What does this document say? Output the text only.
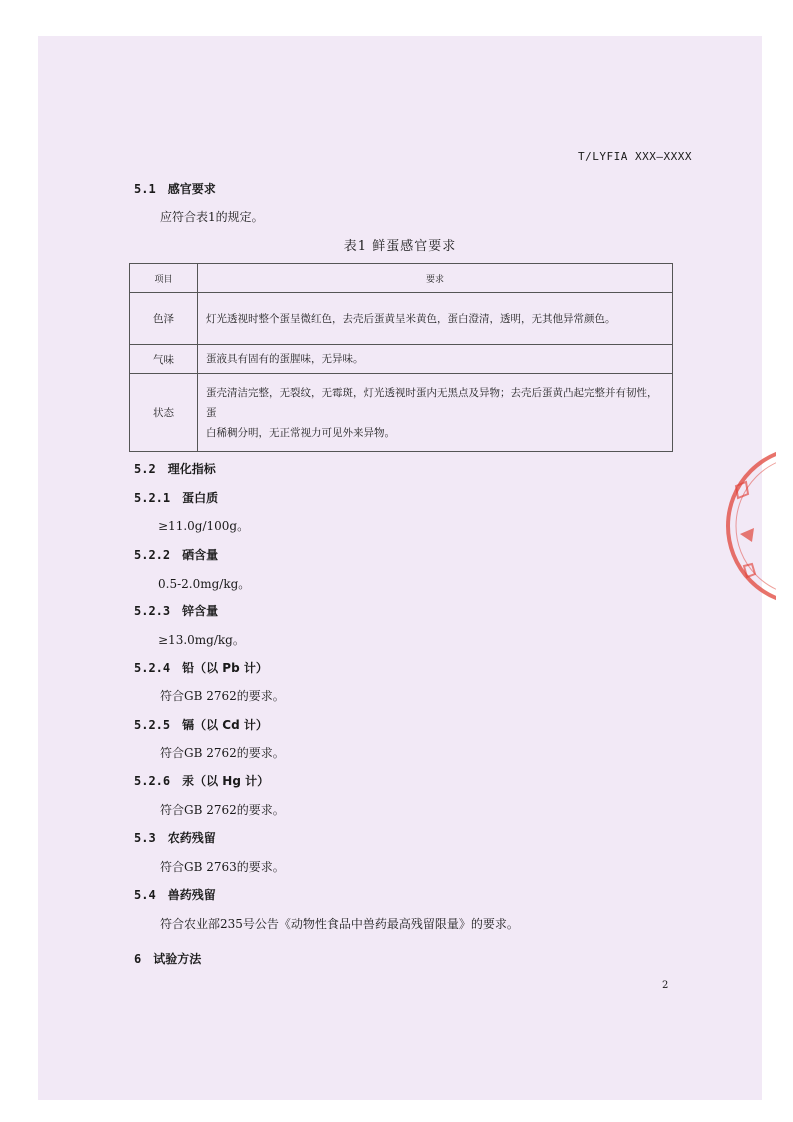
T/LYFIA XXX—XXXX
5.1 感官要求
应符合表1的规定。
表1 鲜蛋感官要求
项目	要求
色泽	灯光透视时整个蛋呈微红色，去壳后蛋黄呈米黄色，蛋白澄清，透明，无其他异常颜色。
气味	蛋液具有固有的蛋腥味，无异味。
状态	蛋壳清洁完整，无裂纹，无霉斑，灯光透视时蛋内无黑点及异物；去壳后蛋黄凸起完整并有韧性，蛋
白稀稠分明，无正常视力可见外来异物。
5.2 理化指标
5.2.1 蛋白质
≥11.0g/100g。
5.2.2 硒含量
0.5-2.0mg/kg。
5.2.3 锌含量
≥13.0mg/kg。
5.2.4 铅（以 Pb 计）
符合GB 2762的要求。
5.2.5 镉（以 Cd 计）
符合GB 2762的要求。
5.2.6 汞（以 Hg 计）
符合GB 2762的要求。
5.3 农药残留
符合GB 2763的要求。
5.4 兽药残留
符合农业部235号公告《动物性食品中兽药最高残留限量》的要求。
6 试验方法
2
